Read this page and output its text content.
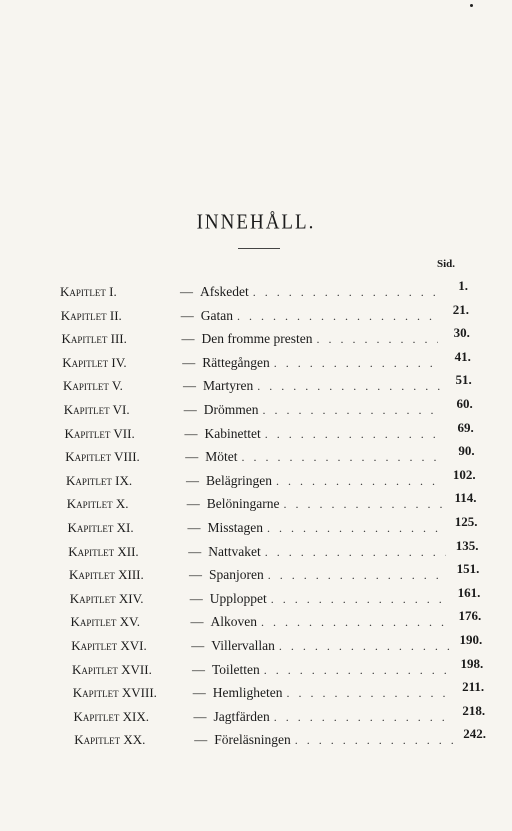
INNEHÅLL.
Sid.
Kapitlet I.	— Afskedet . . .	1.
Kapitlet II.	— Gatan . . .	21.
Kapitlet III.	— Den fromme presten . . .	30.
Kapitlet IV.	— Rättegången . . .	41.
Kapitlet V.	— Martyren . . .	51.
Kapitlet VI.	— Drömmen . . .	60.
Kapitlet VII.	— Kabinettet . . .	69.
Kapitlet VIII.	— Mötet . . .	90.
Kapitlet IX.	— Belägringen . . .	102.
Kapitlet X.	— Belöningarne . . .	114.
Kapitlet XI.	— Misstagen . . .	125.
Kapitlet XII.	— Nattvaket . . .	135.
Kapitlet XIII.	— Spanjoren . . .	151.
Kapitlet XIV.	— Upploppet . . .	161.
Kapitlet XV.	— Alkoven . . .	176.
Kapitlet XVI.	— Villervallan . . .	190.
Kapitlet XVII.	— Toiletten . . .	198.
Kapitlet XVIII.	— Hemligheten . . .	211.
Kapitlet XIX.	— Jagtfärden . . .	218.
Kapitlet XX.	— Föreläsningen . . .	242.
